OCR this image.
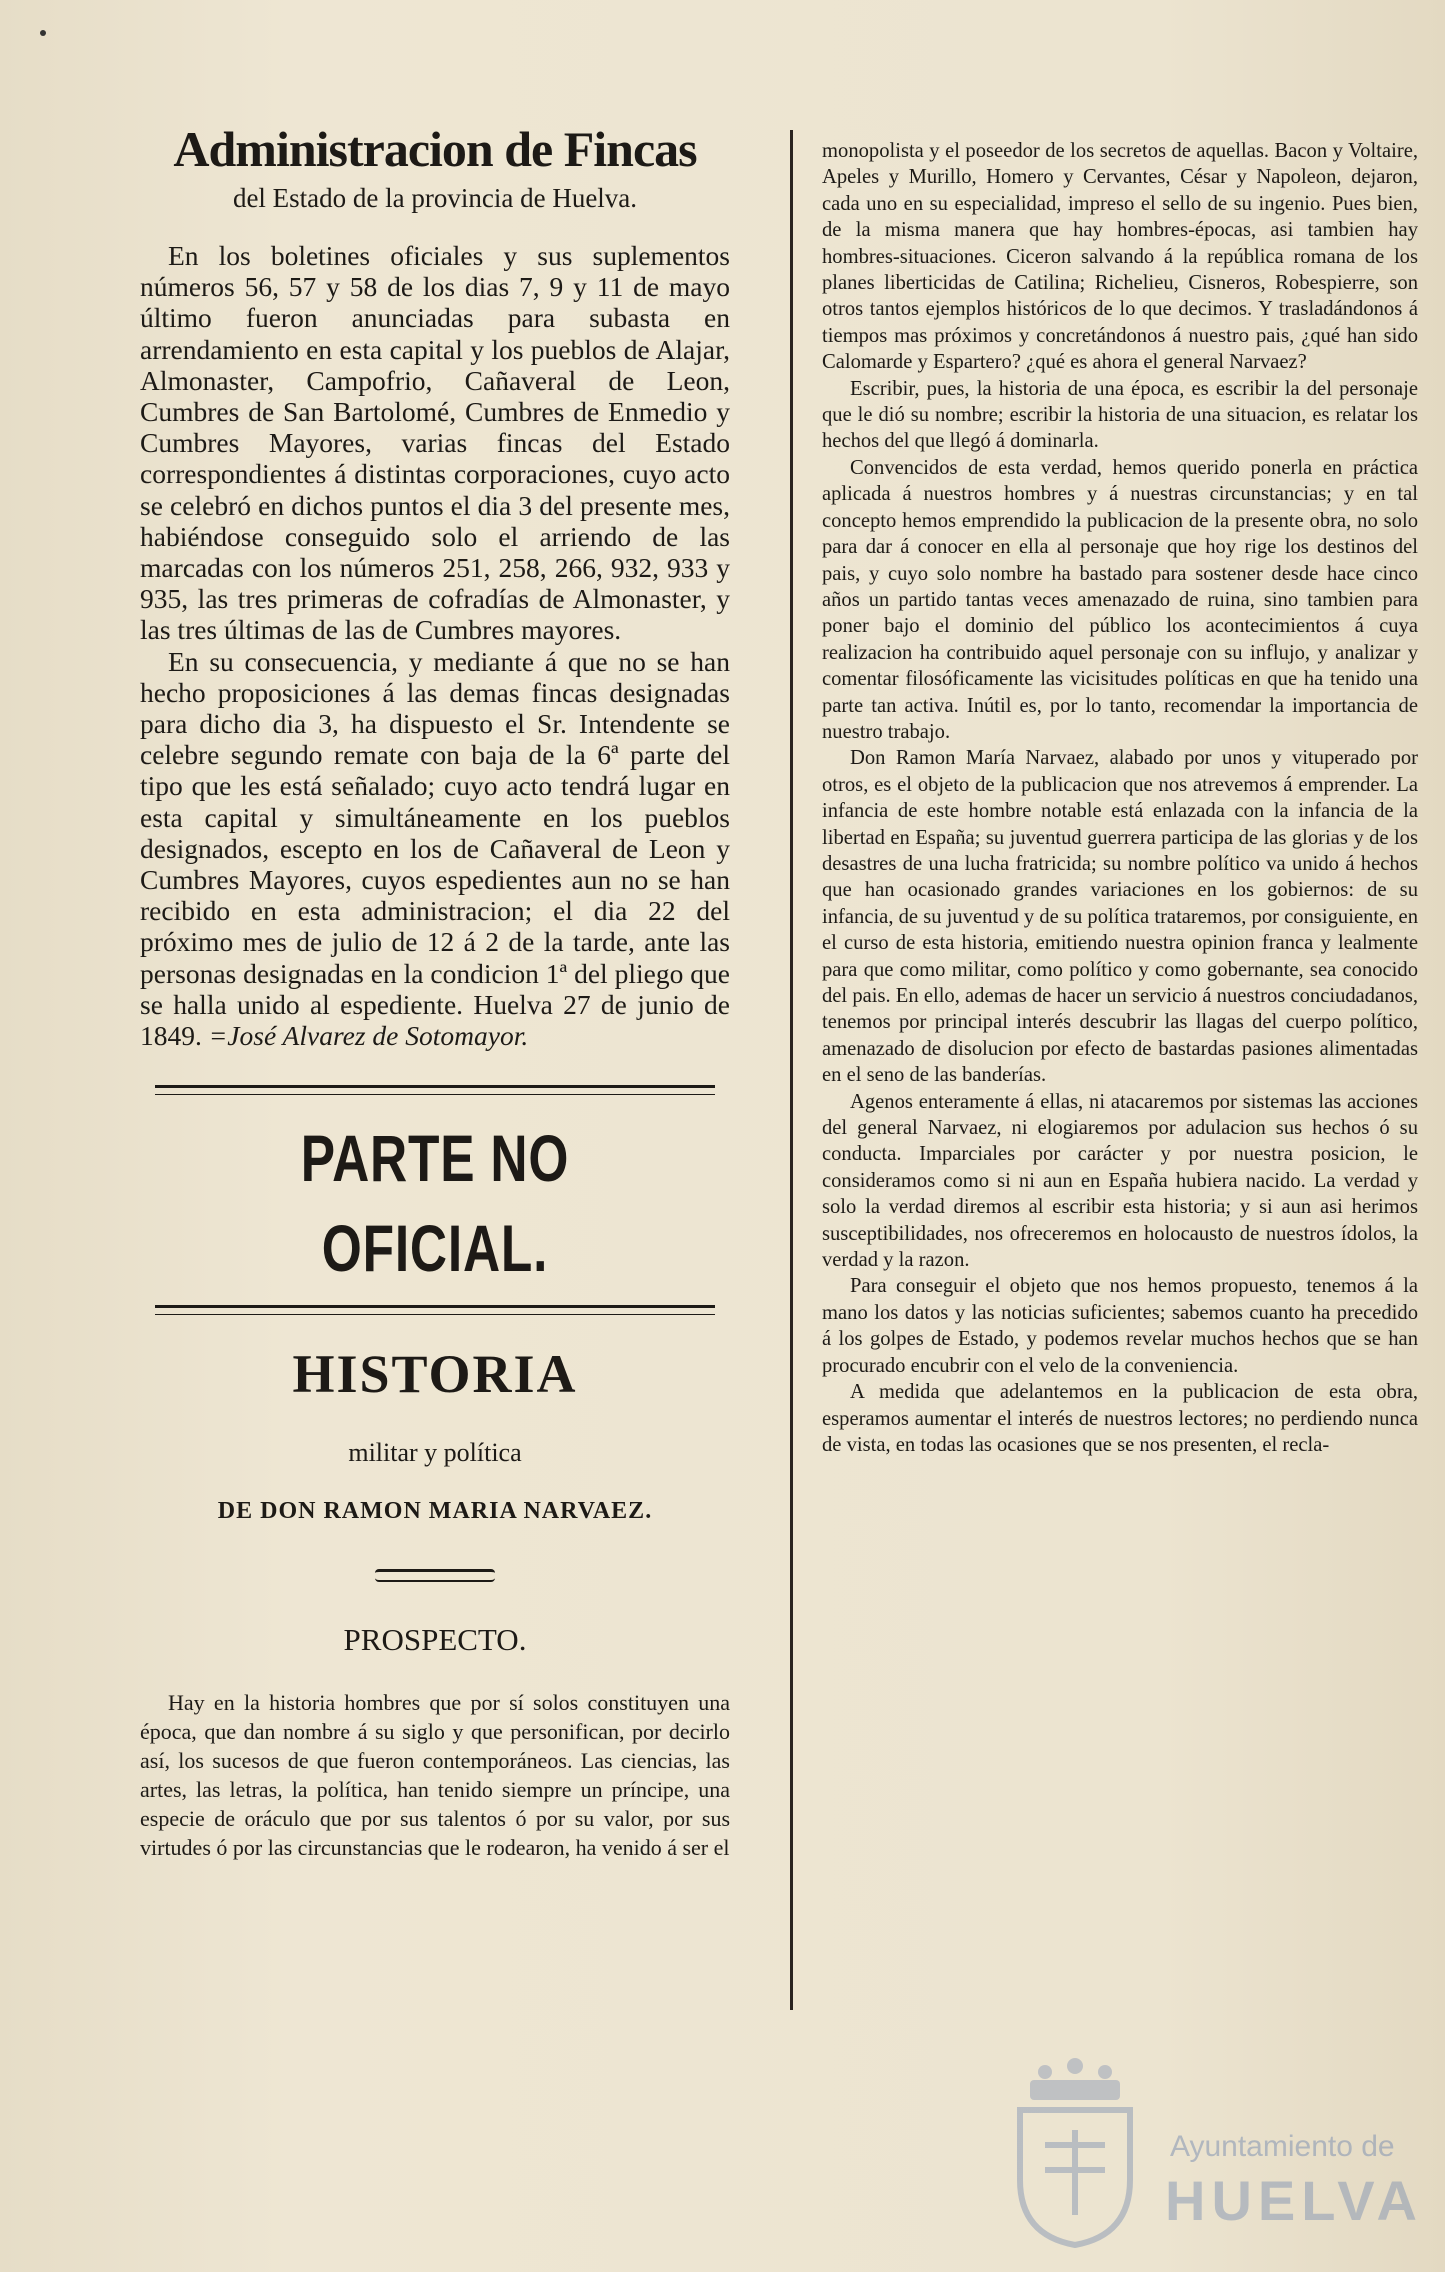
Administracion de Fincas
del Estado de la provincia de Huelva.

En los boletines oficiales y sus suplementos números 56, 57 y 58 de los dias 7, 9 y 11 de mayo último fueron anunciadas para subasta en arrendamiento en esta capital y los pueblos de Alajar, Almonaster, Campofrio, Cañaveral de Leon, Cumbres de San Bartolomé, Cumbres de Enmedio y Cumbres Mayores, varias fincas del Estado correspondientes á distintas corporaciones, cuyo acto se celebró en dichos puntos el dia 3 del presente mes, habiéndose conseguido solo el arriendo de las marcadas con los números 251, 258, 266, 932, 933 y 935, las tres primeras de cofradías de Almonaster, y las tres últimas de las de Cumbres mayores.

En su consecuencia, y mediante á que no se han hecho proposiciones á las demas fincas designadas para dicho dia 3, ha dispuesto el Sr. Intendente se celebre segundo remate con baja de la 6ª parte del tipo que les está señalado; cuyo acto tendrá lugar en esta capital y simultáneamente en los pueblos designados, escepto en los de Cañaveral de Leon y Cumbres Mayores, cuyos espedientes aun no se han recibido en esta administracion; el dia 22 del próximo mes de julio de 12 á 2 de la tarde, ante las personas designadas en la condicion 1ª del pliego que se halla unido al espediente. Huelva 27 de junio de 1849. =José Alvarez de Sotomayor.

PARTE NO OFICIAL.
HISTORIA
militar y política
DE DON RAMON MARIA NARVAEZ.
PROSPECTO.

Hay en la historia hombres que por sí solos constituyen una época, que dan nombre á su siglo y que personifican, por decirlo así, los sucesos de que fueron contemporáneos. Las ciencias, las artes, las letras, la política, han tenido siempre un príncipe, una especie de oráculo que por sus talentos ó por su valor, por sus virtudes ó por las circunstancias que le rodearon, ha venido á ser el

monopolista y el poseedor de los secretos de aquellas. Bacon y Voltaire, Apeles y Murillo, Homero y Cervantes, César y Napoleon, dejaron, cada uno en su especialidad, impreso el sello de su ingenio. Pues bien, de la misma manera que hay hombres-épocas, asi tambien hay hombres-situaciones. Ciceron salvando á la república romana de los planes liberticidas de Catilina; Richelieu, Cisneros, Robespierre, son otros tantos ejemplos históricos de lo que decimos. Y trasladándonos á tiempos mas próximos y concretándonos á nuestro pais, ¿qué han sido Calomarde y Espartero? ¿qué es ahora el general Narvaez?

Escribir, pues, la historia de una época, es escribir la del personaje que le dió su nombre; escribir la historia de una situacion, es relatar los hechos del que llegó á dominarla.

Convencidos de esta verdad, hemos querido ponerla en práctica aplicada á nuestros hombres y á nuestras circunstancias; y en tal concepto hemos emprendido la publicacion de la presente obra, no solo para dar á conocer en ella al personaje que hoy rige los destinos del pais, y cuyo solo nombre ha bastado para sostener desde hace cinco años un partido tantas veces amenazado de ruina, sino tambien para poner bajo el dominio del público los acontecimientos á cuya realizacion ha contribuido aquel personaje con su influjo, y analizar y comentar filosóficamente las vicisitudes políticas en que ha tenido una parte tan activa. Inútil es, por lo tanto, recomendar la importancia de nuestro trabajo.

Don Ramon María Narvaez, alabado por unos y vituperado por otros, es el objeto de la publicacion que nos atrevemos á emprender. La infancia de este hombre notable está enlazada con la infancia de la libertad en España; su juventud guerrera participa de las glorias y de los desastres de una lucha fratricida; su nombre político va unido á hechos que han ocasionado grandes variaciones en los gobiernos: de su infancia, de su juventud y de su política trataremos, por consiguiente, en el curso de esta historia, emitiendo nuestra opinion franca y lealmente para que como militar, como político y como gobernante, sea conocido del pais. En ello, ademas de hacer un servicio á nuestros conciudadanos, tenemos por principal interés descubrir las llagas del cuerpo político, amenazado de disolucion por efecto de bastardas pasiones alimentadas en el seno de las banderías.

Agenos enteramente á ellas, ni atacaremos por sistemas las acciones del general Narvaez, ni elogiaremos por adulacion sus hechos ó su conducta. Imparciales por carácter y por nuestra posicion, le consideramos como si ni aun en España hubiera nacido. La verdad y solo la verdad diremos al escribir esta historia; y si aun asi herimos susceptibilidades, nos ofreceremos en holocausto de nuestros ídolos, la verdad y la razon.

Para conseguir el objeto que nos hemos propuesto, tenemos á la mano los datos y las noticias suficientes; sabemos cuanto ha precedido á los golpes de Estado, y podemos revelar muchos hechos que se han procurado encubrir con el velo de la conveniencia.

A medida que adelantemos en la publicacion de esta obra, esperamos aumentar el interés de nuestros lectores; no perdiendo nunca de vista, en todas las ocasiones que se nos presenten, el recla-

Ayuntamiento de
HUELVA
